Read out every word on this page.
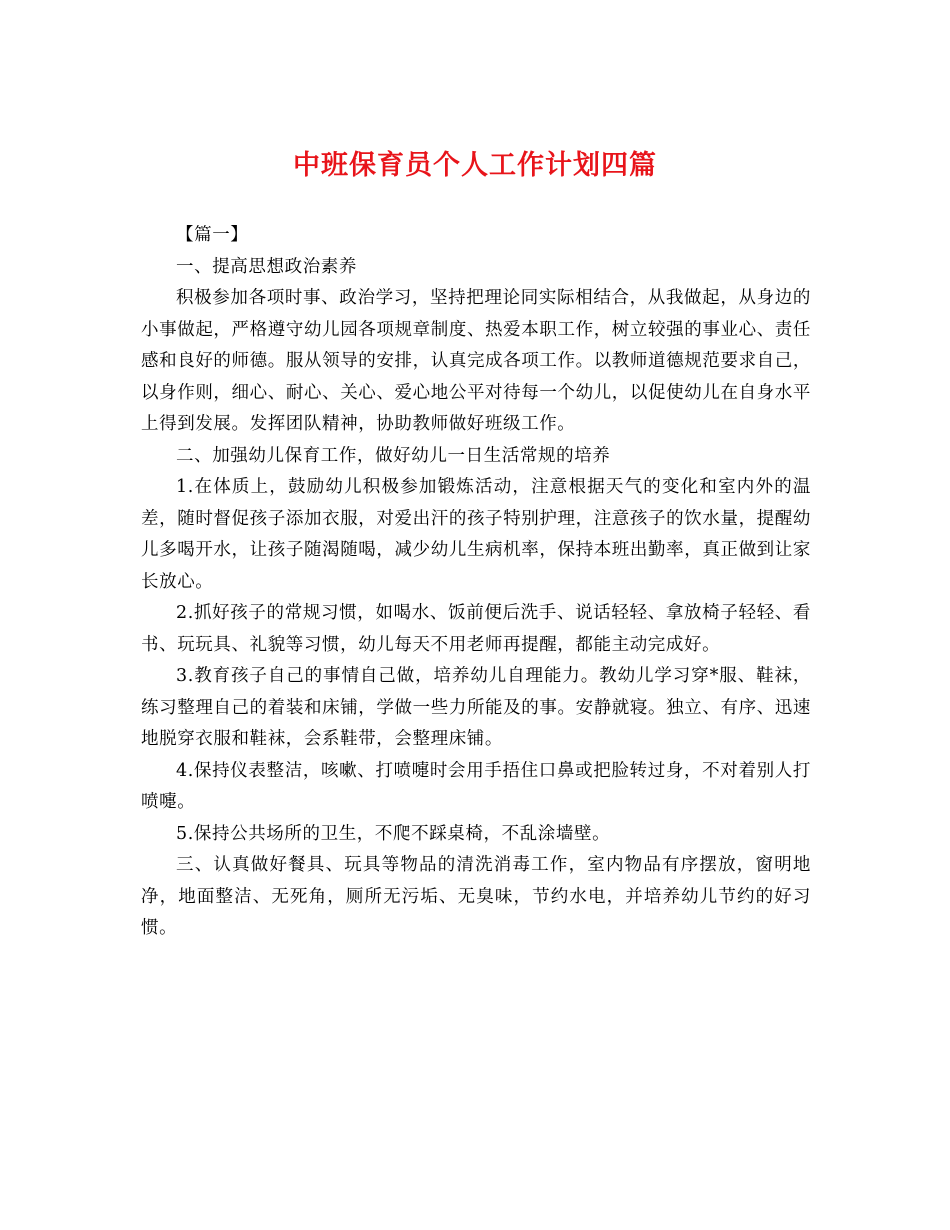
中班保育员个人工作计划四篇

【篇一】

一、提高思想政治素养

积极参加各项时事、政治学习，坚持把理论同实际相结合，从我做起，从身边的小事做起，严格遵守幼儿园各项规章制度、热爱本职工作，树立较强的事业心、责任感和良好的师德。服从领导的安排，认真完成各项工作。以教师道德规范要求自己，以身作则，细心、耐心、关心、爱心地公平对待每一个幼儿，以促使幼儿在自身水平上得到发展。发挥团队精神，协助教师做好班级工作。

二、加强幼儿保育工作，做好幼儿一日生活常规的培养

1.在体质上，鼓励幼儿积极参加锻炼活动，注意根据天气的变化和室内外的温差，随时督促孩子添加衣服，对爱出汗的孩子特别护理，注意孩子的饮水量，提醒幼儿多喝开水，让孩子随渴随喝，减少幼儿生病机率，保持本班出勤率，真正做到让家长放心。

2.抓好孩子的常规习惯，如喝水、饭前便后洗手、说话轻轻、拿放椅子轻轻、看书、玩玩具、礼貌等习惯，幼儿每天不用老师再提醒，都能主动完成好。

3.教育孩子自己的事情自己做，培养幼儿自理能力。教幼儿学习穿*服、鞋袜，练习整理自己的着装和床铺，学做一些力所能及的事。安静就寝。独立、有序、迅速地脱穿衣服和鞋袜，会系鞋带，会整理床铺。

4.保持仪表整洁，咳嗽、打喷嚏时会用手捂住口鼻或把脸转过身，不对着别人打喷嚏。

5.保持公共场所的卫生，不爬不踩桌椅，不乱涂墙壁。

三、认真做好餐具、玩具等物品的清洗消毒工作，室内物品有序摆放，窗明地净，地面整洁、无死角，厕所无污垢、无臭味，节约水电，并培养幼儿节约的好习惯。
